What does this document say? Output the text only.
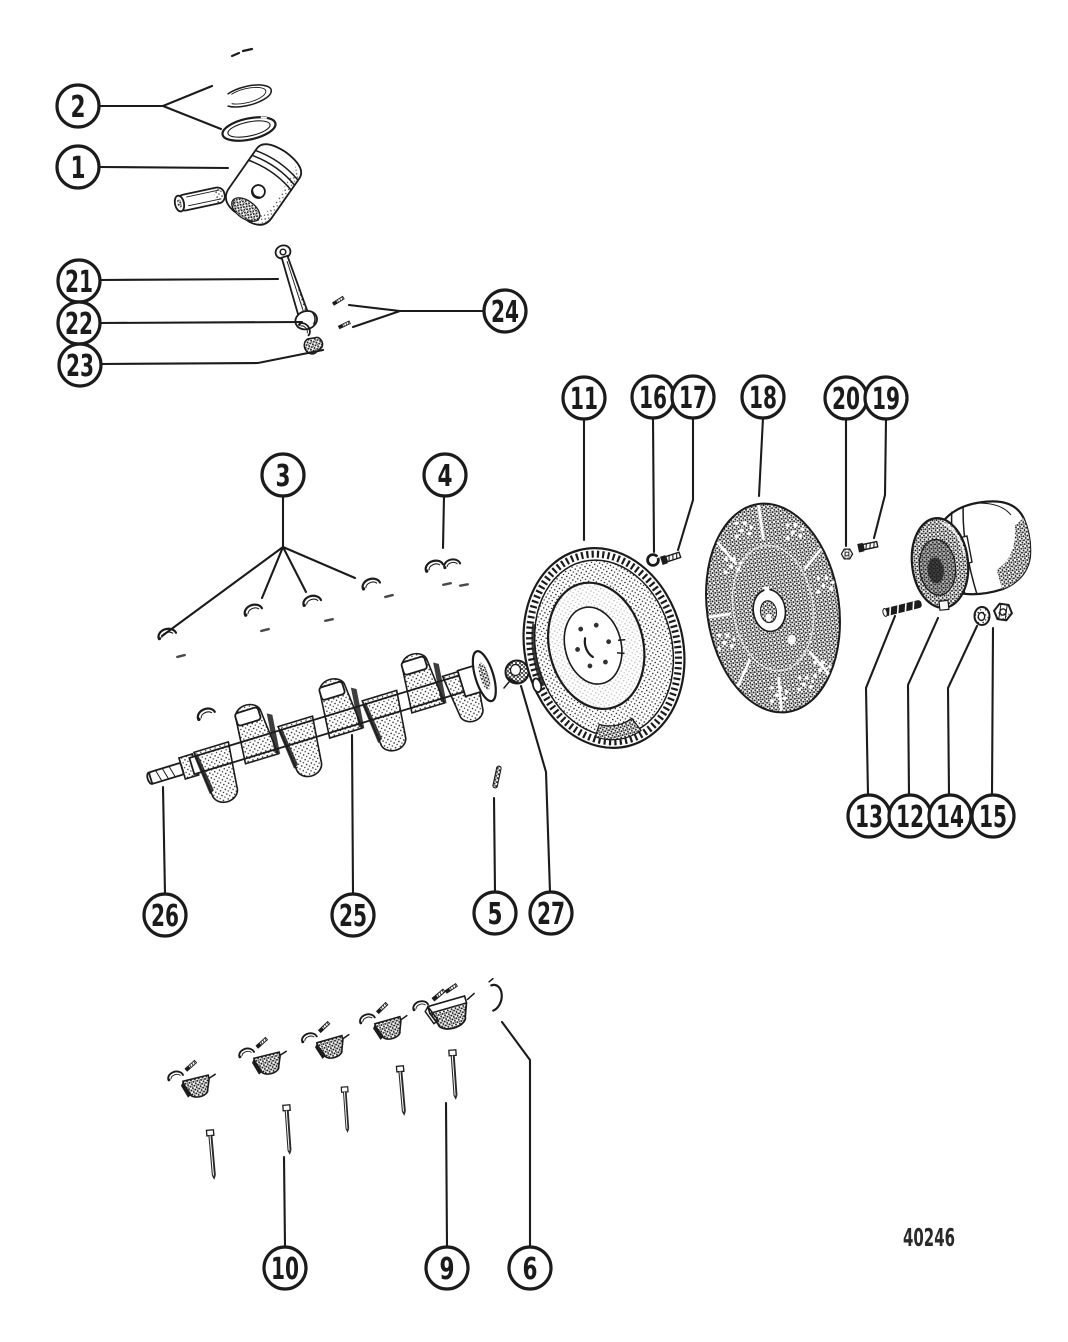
2
1
21
22
23
24
3	4
11 16 17 18 20 19
13 12 14 15
26	25	5 27
10	9 6
40246
